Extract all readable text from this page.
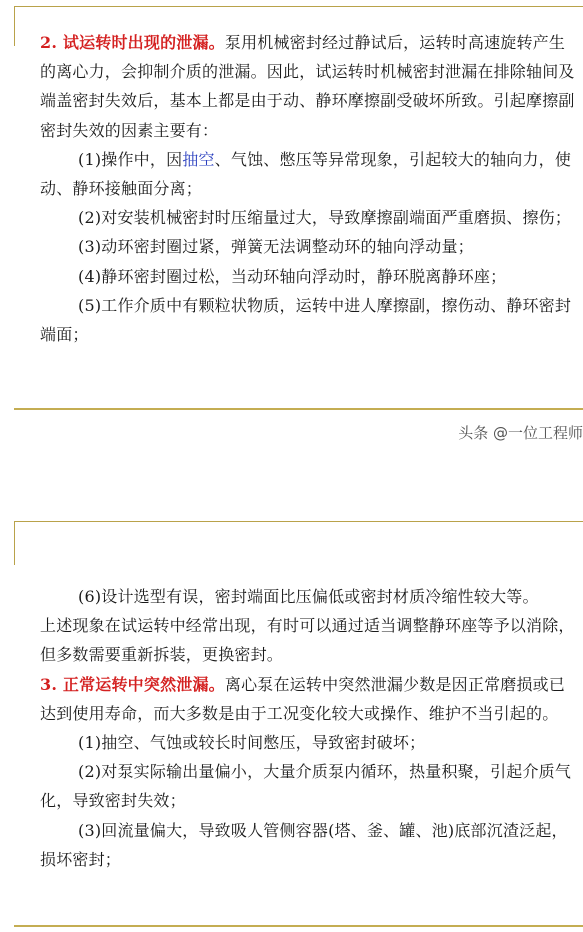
2. 试运转时出现的泄漏。泵用机械密封经过静试后，运转时高速旋转产生的离心力，会抑制介质的泄漏。因此，试运转时机械密封泄漏在排除轴间及端盖密封失效后，基本上都是由于动、静环摩擦副受破坏所致。引起摩擦副密封失效的因素主要有：

(1)操作中，因抽空、气蚀、憋压等异常现象，引起较大的轴向力，使动、静环接触面分离；

(2)对安装机械密封时压缩量过大，导致摩擦副端面严重磨损、擦伤；

(3)动环密封圈过紧，弹簧无法调整动环的轴向浮动量；

(4)静环密封圈过松，当动环轴向浮动时，静环脱离静环座；

(5)工作介质中有颗粒状物质，运转中进人摩擦副，擦伤动、静环密封端面；

头条 @一位工程师

(6)设计选型有误，密封端面比压偏低或密封材质冷缩性较大等。

上述现象在试运转中经常出现，有时可以通过适当调整静环座等予以消除，但多数需要重新拆装，更换密封。

3. 正常运转中突然泄漏。离心泵在运转中突然泄漏少数是因正常磨损或已达到使用寿命，而大多数是由于工况变化较大或操作、维护不当引起的。

(1)抽空、气蚀或较长时间憋压，导致密封破坏；

(2)对泵实际输出量偏小，大量介质泵内循环，热量积聚，引起介质气化，导致密封失效；

(3)回流量偏大，导致吸人管侧容器(塔、釜、罐、池)底部沉渣泛起，损坏密封；
